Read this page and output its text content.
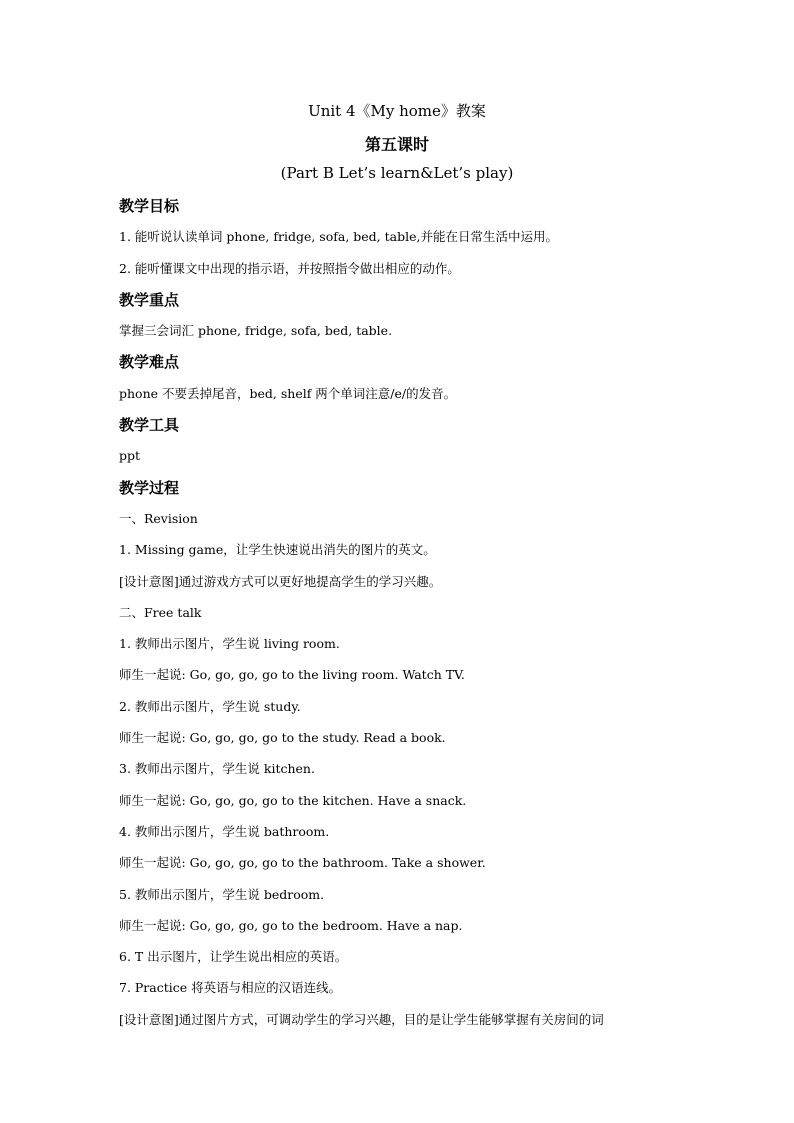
Unit 4《My home》教案
第五课时
(Part B Let’s learn&Let’s play)
教学目标
1. 能听说认读单词 phone, fridge, sofa, bed, table,并能在日常生活中运用。
2. 能听懂课文中出现的指示语，并按照指令做出相应的动作。
教学重点
掌握三会词汇 phone, fridge, sofa, bed, table.
教学难点
phone 不要丢掉尾音，bed, shelf 两个单词注意/e/的发音。
教学工具
ppt
教学过程
一、Revision
1. Missing game，让学生快速说出消失的图片的英文。
[设计意图]通过游戏方式可以更好地提高学生的学习兴趣。
二、Free talk
1. 教师出示图片，学生说 living room.
师生一起说: Go, go, go, go to the living room. Watch TV.
2. 教师出示图片，学生说 study.
师生一起说: Go, go, go, go to the study. Read a book.
3. 教师出示图片，学生说 kitchen.
师生一起说: Go, go, go, go to the kitchen. Have a snack.
4. 教师出示图片，学生说 bathroom.
师生一起说: Go, go, go, go to the bathroom. Take a shower.
5. 教师出示图片，学生说 bedroom.
师生一起说: Go, go, go, go to the bedroom. Have a nap.
6. T 出示图片，让学生说出相应的英语。
7. Practice 将英语与相应的汉语连线。
[设计意图]通过图片方式，可调动学生的学习兴趣，目的是让学生能够掌握有关房间的词
